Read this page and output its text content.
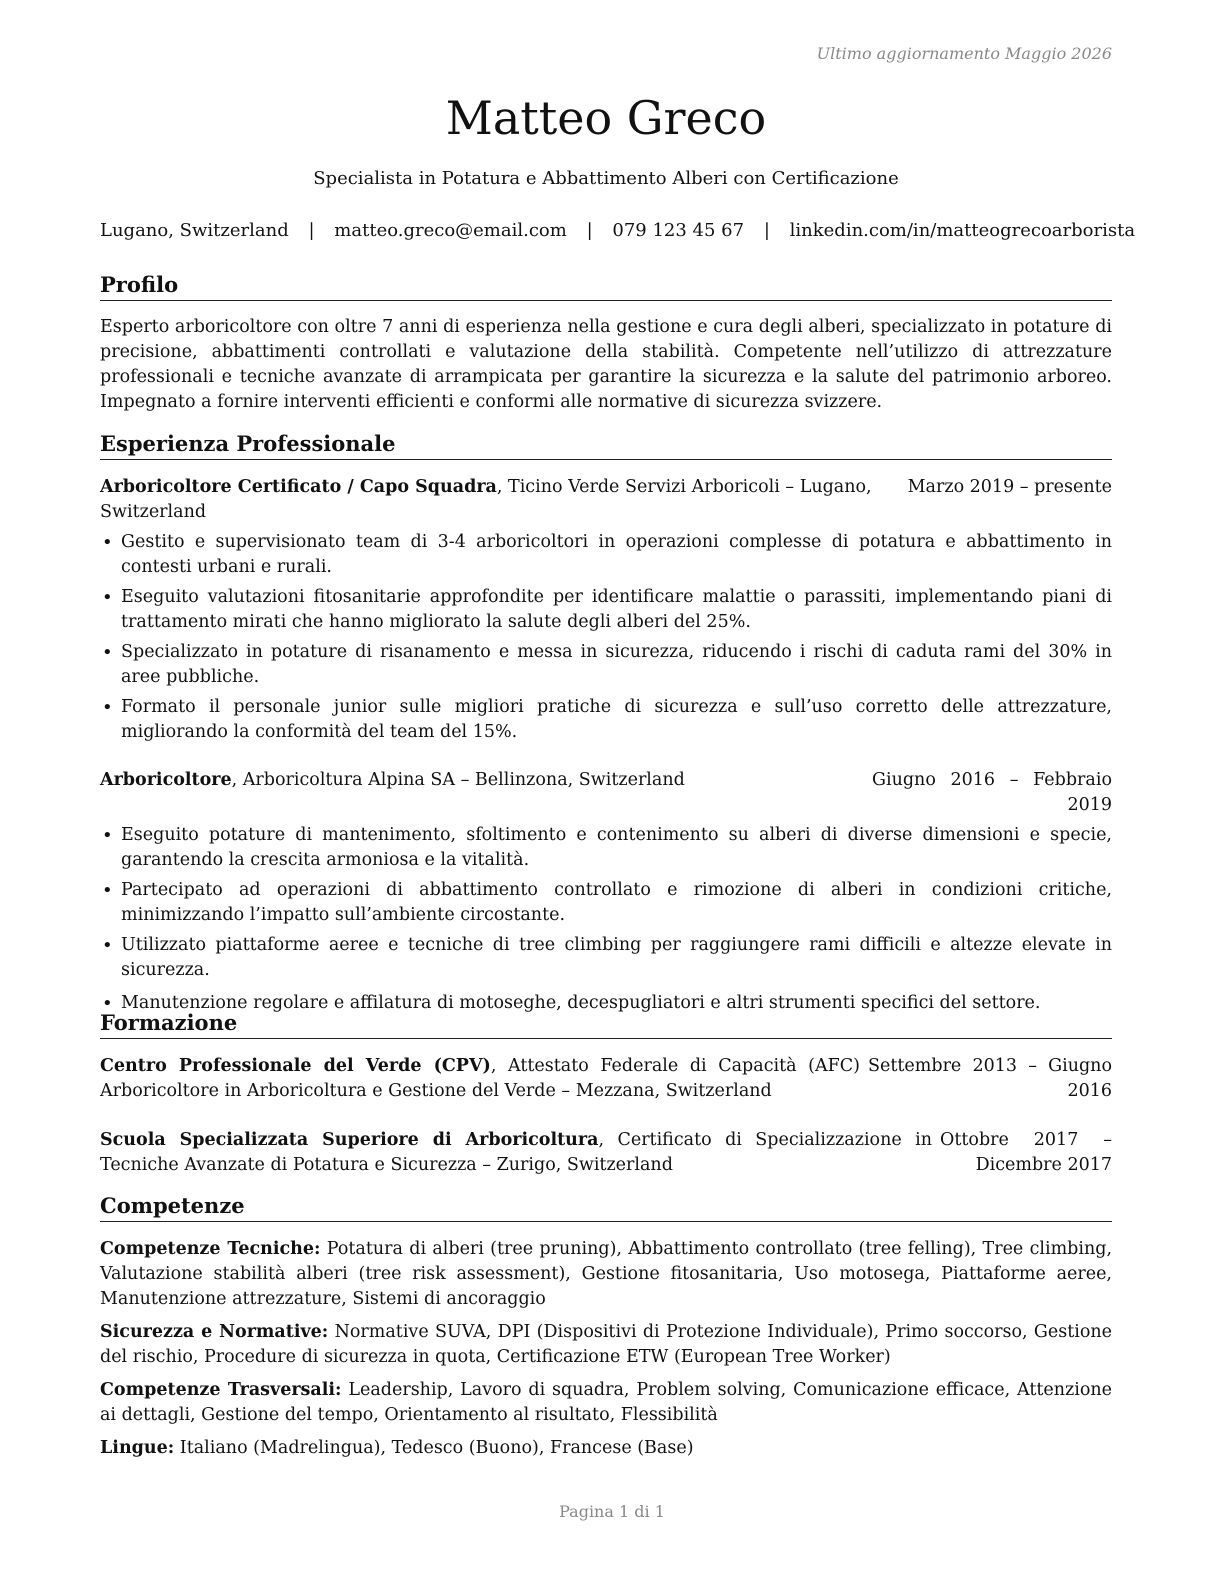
Ultimo aggiornamento Maggio 2026
Matteo Greco
Specialista in Potatura e Abbattimento Alberi con Certificazione
Lugano, Switzerland | matteo.greco@email.com | 079 123 45 67 | linkedin.com/in/matteogrecoarborista
Profilo

Esperto arboricoltore con oltre 7 anni di esperienza nella gestione e cura degli alberi, specializzato in potature di precisione, abbattimenti controllati e valutazione della stabilità. Competente nell’utilizzo di attrezzature professionali e tecniche avanzate di arrampicata per garantire la sicurezza e la salute del patrimonio arboreo. Impegnato a fornire interventi efficienti e conformi alle normative di sicurezza svizzere.

Esperienza Professionale
Arboricoltore Certificato / Capo Squadra, Ticino Verde Servizi Arboricoli – Lugano, Switzerland
Marzo 2019 – presente
• Gestito e supervisionato team di 3-4 arboricoltori in operazioni complesse di potatura e abbattimento in contesti urbani e rurali.
• Eseguito valutazioni fitosanitarie approfondite per identificare malattie o parassiti, implementando piani di trattamento mirati che hanno migliorato la salute degli alberi del 25%.
• Specializzato in potature di risanamento e messa in sicurezza, riducendo i rischi di caduta rami del 30% in aree pubbliche.
• Formato il personale junior sulle migliori pratiche di sicurezza e sull’uso corretto delle attrezzature, migliorando la conformità del team del 15%.
Arboricoltore, Arboricoltura Alpina SA – Bellinzona, Switzerland	Giugno 2016 – Febbraio 2019
• Eseguito potature di mantenimento, sfoltimento e contenimento su alberi di diverse dimensioni e specie, garantendo la crescita armoniosa e la vitalità.
• Partecipato ad operazioni di abbattimento controllato e rimozione di alberi in condizioni critiche, minimizzando l’impatto sull’ambiente circostante.
• Utilizzato piattaforme aeree e tecniche di tree climbing per raggiungere rami difficili e altezze elevate in sicurezza.
• Manutenzione regolare e affilatura di motoseghe, decespugliatori e altri strumenti specifici del settore.
Formazione
Centro Professionale del Verde (CPV), Attestato Federale di Capacità (AFC) Arboricoltore in Arboricoltura e Gestione del Verde – Mezzana, Switzerland
Settembre 2013 – Giugno 2016
Scuola Specializzata Superiore di Arboricoltura, Certificato di Specializzazione in Tecniche Avanzate di Potatura e Sicurezza – Zurigo, Switzerland
Ottobre 2017 – Dicembre 2017
Competenze
Competenze Tecniche: Potatura di alberi (tree pruning), Abbattimento controllato (tree felling), Tree climbing, Valutazione stabilità alberi (tree risk assessment), Gestione fitosanitaria, Uso motosega, Piattaforme aeree, Manutenzione attrezzature, Sistemi di ancoraggio
Sicurezza e Normative: Normative SUVA, DPI (Dispositivi di Protezione Individuale), Primo soccorso, Gestione del rischio, Procedure di sicurezza in quota, Certificazione ETW (European Tree Worker)
Competenze Trasversali: Leadership, Lavoro di squadra, Problem solving, Comunicazione efficace, Attenzione ai dettagli, Gestione del tempo, Orientamento al risultato, Flessibilità
Lingue: Italiano (Madrelingua), Tedesco (Buono), Francese (Base)
Pagina 1 di 1
